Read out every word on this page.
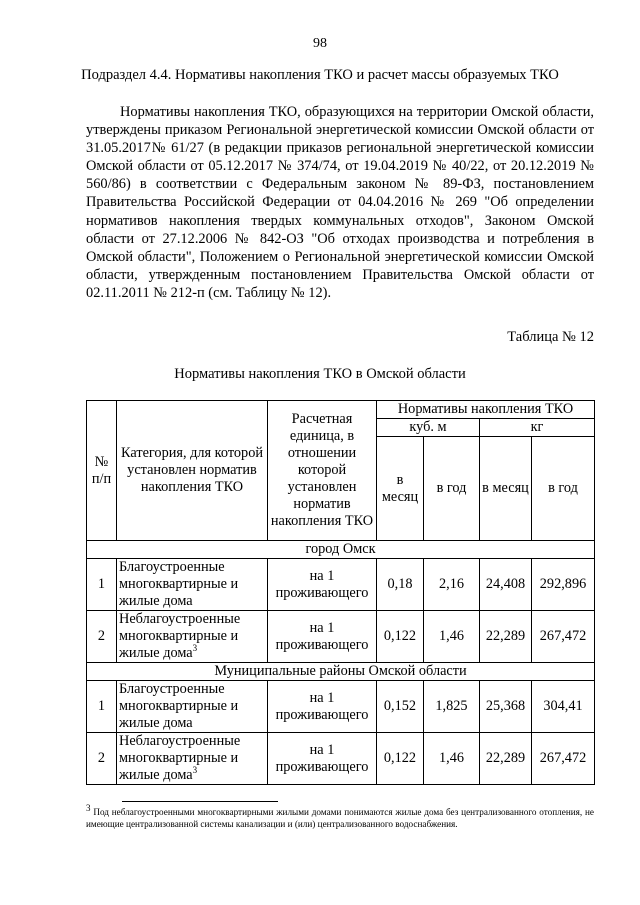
98
Подраздел 4.4. Нормативы накопления ТКО и расчет массы образуемых ТКО

Нормативы накопления ТКО, образующихся на территории Омской области, утверждены приказом Региональной энергетической комиссии Омской области от 31.05.2017№ 61/27 (в редакции приказов региональной энергетической комиссии Омской области от 05.12.2017 № 374/74, от 19.04.2019 № 40/22, от 20.12.2019 № 560/86) в соответствии с Федеральным законом № 89-ФЗ, постановлением Правительства Российской Федерации от 04.04.2016 № 269 "Об определении нормативов накопления твердых коммунальных отходов", Законом Омской области от 27.12.2006 № 842-ОЗ "Об отходах производства и потребления в Омской области", Положением о Региональной энергетической комиссии Омской области, утвержденным постановлением Правительства Омской области от 02.11.2011 № 212-п (см. Таблицу № 12).

Таблица № 12
Нормативы накопления ТКО в Омской области
№ п/п	Категория, для которой установлен норматив накопления ТКО	Расчетная единица, в отношении которой установлен норматив накопления ТКО	Нормативы накопления ТКО			
			куб. м		кг	
			в месяц	в год	в месяц	в год
город Омск						
1	Благоустроенные многоквартирные и жилые дома	на 1 проживающего	0,18	2,16	24,408	292,896
2	Неблагоустроенные многоквартирные и жилые дома$^3$	на 1 проживающего	0,122	1,46	22,289	267,472
Муниципальные районы Омской области						
1	Благоустроенные многоквартирные и жилые дома	на 1 проживающего	0,152	1,825	25,368	304,41
2	Неблагоустроенные многоквартирные и жилые дома$^3$	на 1 проживающего	0,122	1,46	22,289	267,472

$^3$ Под неблагоустроенными многоквартирными жилыми домами понимаются жилые дома без централизованного отопления, не имеющие централизованной системы канализации и (или) централизованного водоснабжения.
